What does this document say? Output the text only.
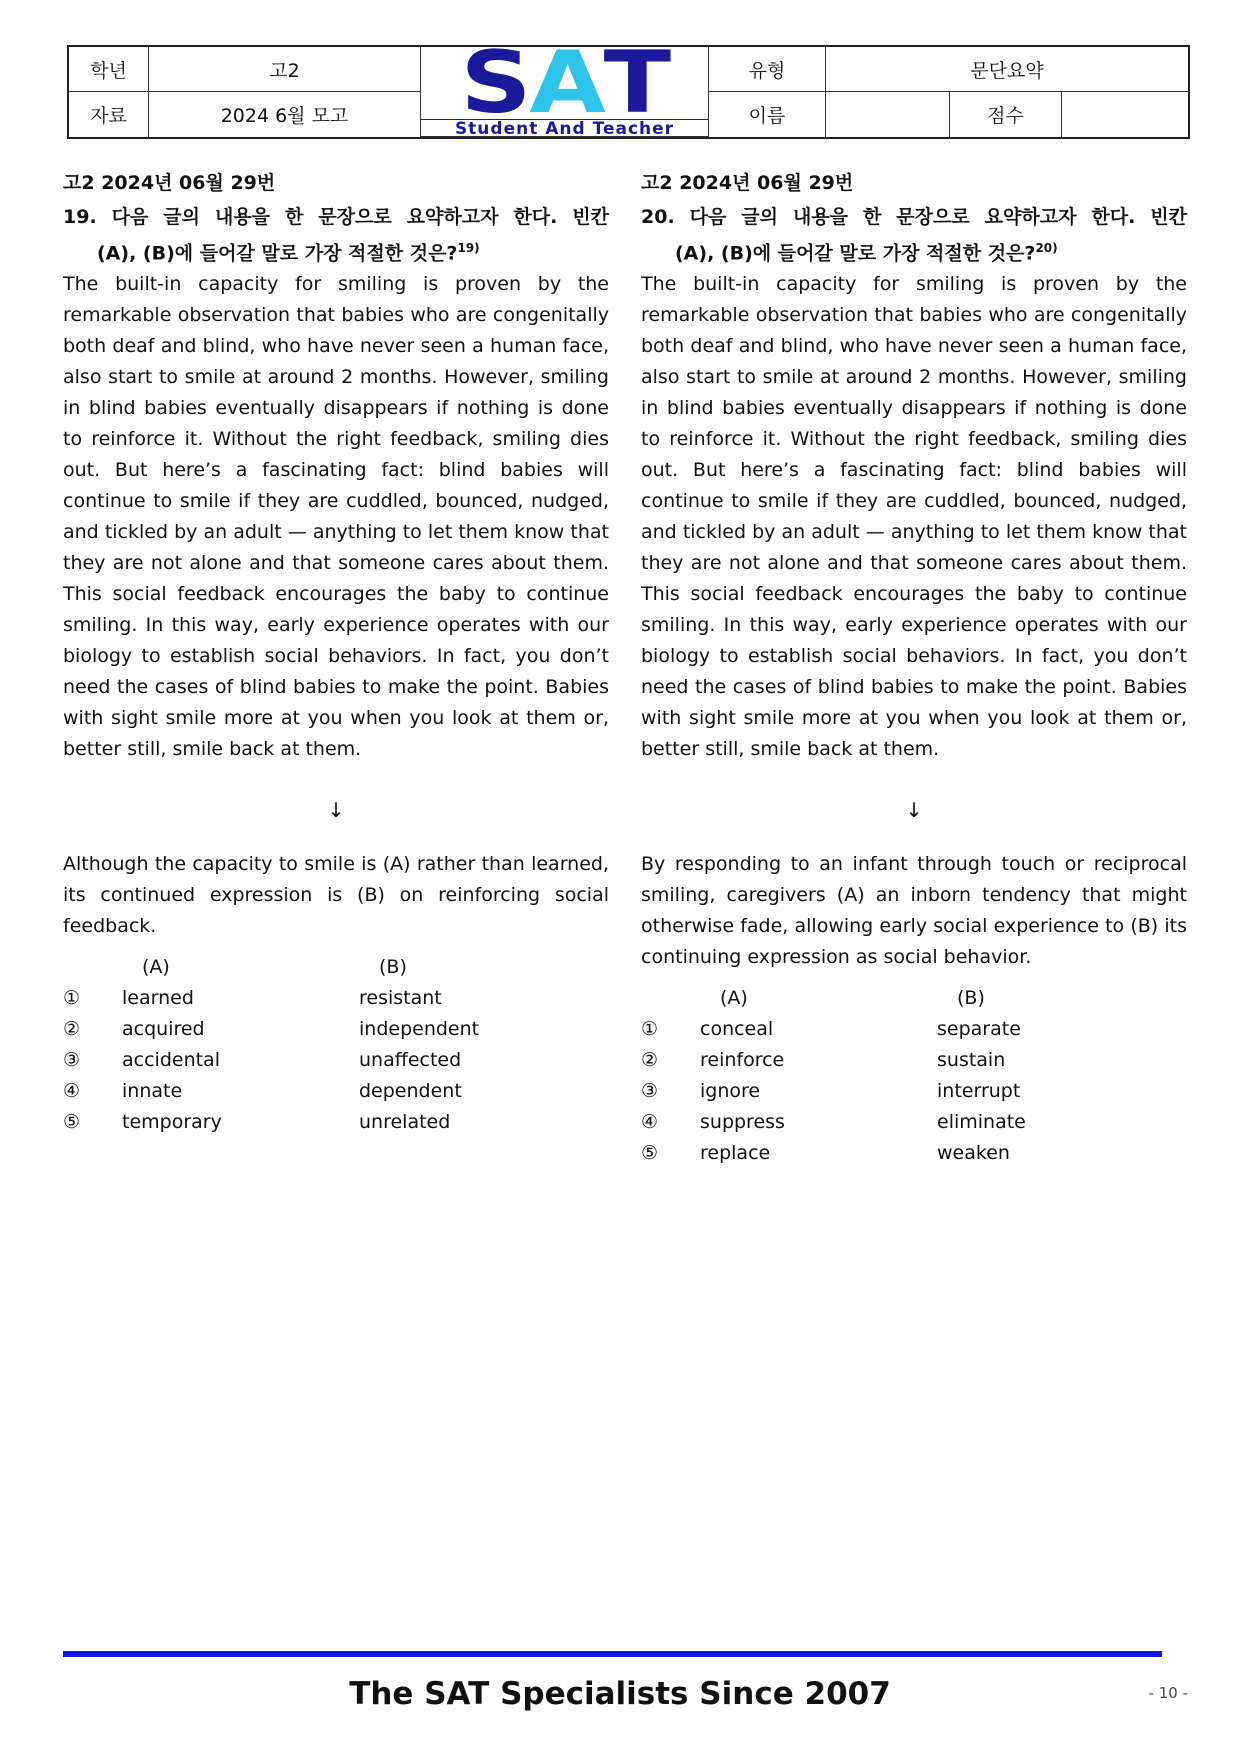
학년	고2	S A T
Student And Teacher
유형	문단요약
자료	2024 6월 모고	이름	점수
고2 2024년 06월 29번

19. 다음 글의 내용을 한 문장으로 요약하고자 한다. 빈칸

(A), (B)에 들어갈 말로 가장 적절한 것은?$^{19)}$

The built-in capacity for smiling is proven by the remarkable observation that babies who are congenitally both deaf and blind, who have never seen a human face, also start to smile at around 2 months. However, smiling in blind babies eventually disappears if nothing is done to reinforce it. Without the right feedback, smiling dies out. But here’s a fascinating fact: blind babies will continue to smile if they are cuddled, bounced, nudged, and tickled by an adult — anything to let them know that they are not alone and that someone cares about them. This social feedback encourages the baby to continue smiling. In this way, early experience operates with our biology to establish social behaviors. In fact, you don’t need the cases of blind babies to make the point. Babies with sight smile more at you when you look at them or, better still, smile back at them.

↓

Although the capacity to smile is (A) rather than learned, its continued expression is (B) on reinforcing social feedback.

(A)	(B)
①	learned	resistant
②	acquired	independent
③	accidental	unaffected
④	innate	dependent
⑤	temporary	unrelated
고2 2024년 06월 29번

20. 다음 글의 내용을 한 문장으로 요약하고자 한다. 빈칸

(A), (B)에 들어갈 말로 가장 적절한 것은?$^{20)}$

The built-in capacity for smiling is proven by the remarkable observation that babies who are congenitally both deaf and blind, who have never seen a human face, also start to smile at around 2 months. However, smiling in blind babies eventually disappears if nothing is done to reinforce it. Without the right feedback, smiling dies out. But here’s a fascinating fact: blind babies will continue to smile if they are cuddled, bounced, nudged, and tickled by an adult — anything to let them know that they are not alone and that someone cares about them. This social feedback encourages the baby to continue smiling. In this way, early experience operates with our biology to establish social behaviors. In fact, you don’t need the cases of blind babies to make the point. Babies with sight smile more at you when you look at them or, better still, smile back at them.

↓

By responding to an infant through touch or reciprocal smiling, caregivers (A) an inborn tendency that might otherwise fade, allowing early social experience to (B) its continuing expression as social behavior.

(A)	(B)
①	conceal	separate
②	reinforce	sustain
③	ignore	interrupt
④	suppress	eliminate
⑤	replace	weaken
The SAT Specialists Since 2007	- 10 -
